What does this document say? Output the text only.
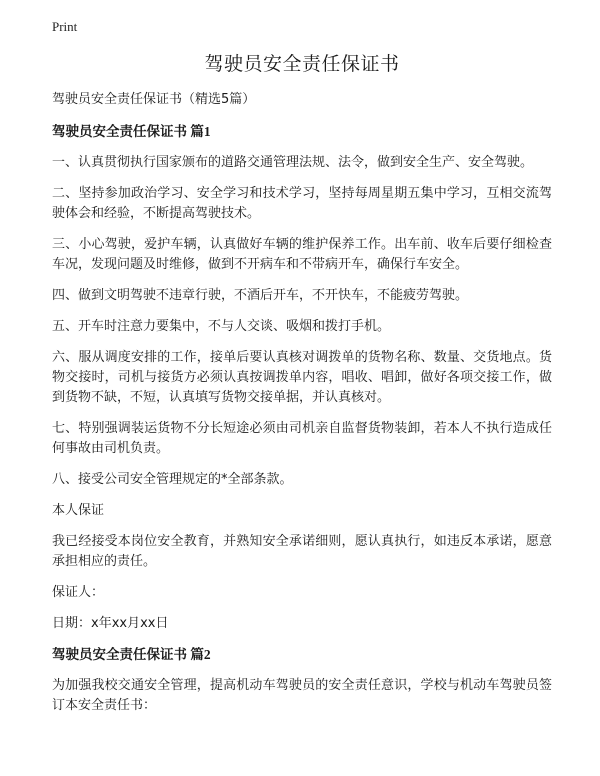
Print
驾驶员安全责任保证书

驾驶员安全责任保证书（精选5篇）

驾驶员安全责任保证书 篇1

一、认真贯彻执行国家颁布的道路交通管理法规、法令，做到安全生产、安全驾驶。

二、坚持参加政治学习、安全学习和技术学习，坚持每周星期五集中学习，互相交流驾驶体会和经验，不断提高驾驶技术。

三、小心驾驶，爱护车辆，认真做好车辆的维护保养工作。出车前、收车后要仔细检查车况，发现问题及时维修，做到不开病车和不带病开车，确保行车安全。

四、做到文明驾驶不违章行驶，不酒后开车，不开快车，不能疲劳驾驶。

五、开车时注意力要集中，不与人交谈、吸烟和拨打手机。

六、服从调度安排的工作，接单后要认真核对调拨单的货物名称、数量、交货地点。货物交接时，司机与接货方必须认真按调拨单内容，唱收、唱卸，做好各项交接工作，做到货物不缺，不短，认真填写货物交接单据，并认真核对。

七、特别强调装运货物不分长短途必须由司机亲自监督货物装卸，若本人不执行造成任何事故由司机负责。

八、接受公司安全管理规定的*全部条款。

本人保证

我已经接受本岗位安全教育，并熟知安全承诺细则，愿认真执行，如违反本承诺，愿意承担相应的责任。

保证人：

日期：x年xx月xx日

驾驶员安全责任保证书 篇2

为加强我校交通安全管理，提高机动车驾驶员的安全责任意识，学校与机动车驾驶员签订本安全责任书：
